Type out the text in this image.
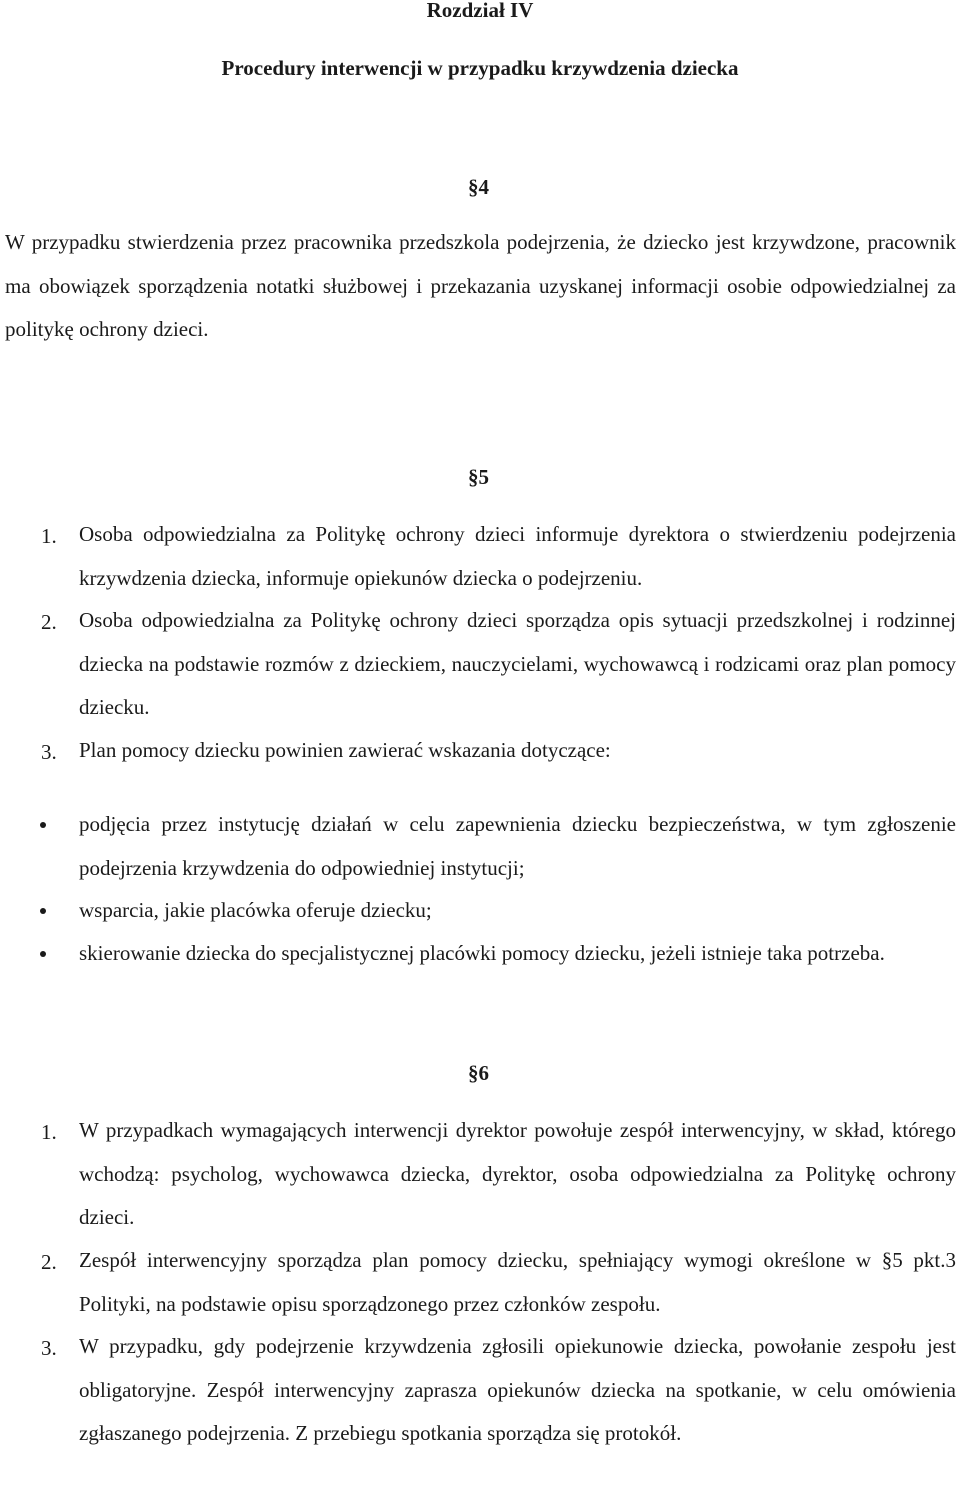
Rozdział IV
Procedury interwencji w przypadku krzywdzenia dziecka
§4
W przypadku stwierdzenia przez pracownika przedszkola podejrzenia, że dziecko jest krzywdzone, pracownik ma obowiązek sporządzenia notatki służbowej i przekazania uzyskanej informacji osobie odpowiedzialnej za politykę ochrony dzieci.
§5
1. Osoba odpowiedzialna za Politykę ochrony dzieci informuje dyrektora o stwierdzeniu podejrzenia krzywdzenia dziecka, informuje opiekunów dziecka o podejrzeniu.
2. Osoba odpowiedzialna za Politykę ochrony dzieci sporządza opis sytuacji przedszkolnej i rodzinnej dziecka na podstawie rozmów z dzieckiem, nauczycielami, wychowawcą i rodzicami oraz plan pomocy dziecku.
3. Plan pomocy dziecku powinien zawierać wskazania dotyczące:
podjęcia przez instytucję działań w celu zapewnienia dziecku bezpieczeństwa, w tym zgłoszenie podejrzenia krzywdzenia do odpowiedniej instytucji;
wsparcia, jakie placówka oferuje dziecku;
skierowanie dziecka do specjalistycznej placówki pomocy dziecku, jeżeli istnieje taka potrzeba.
§6
1. W przypadkach wymagających interwencji dyrektor powołuje zespół interwencyjny, w skład, którego wchodzą: psycholog, wychowawca dziecka, dyrektor, osoba odpowiedzialna za Politykę ochrony dzieci.
2. Zespół interwencyjny sporządza plan pomocy dziecku, spełniający wymogi określone w §5 pkt.3 Polityki, na podstawie opisu sporządzonego przez członków zespołu.
3. W przypadku, gdy podejrzenie krzywdzenia zgłosili opiekunowie dziecka, powołanie zespołu jest obligatoryjne. Zespół interwencyjny zaprasza opiekunów dziecka na spotkanie, w celu omówienia zgłaszanego podejrzenia. Z przebiegu spotkania sporządza się protokół.
